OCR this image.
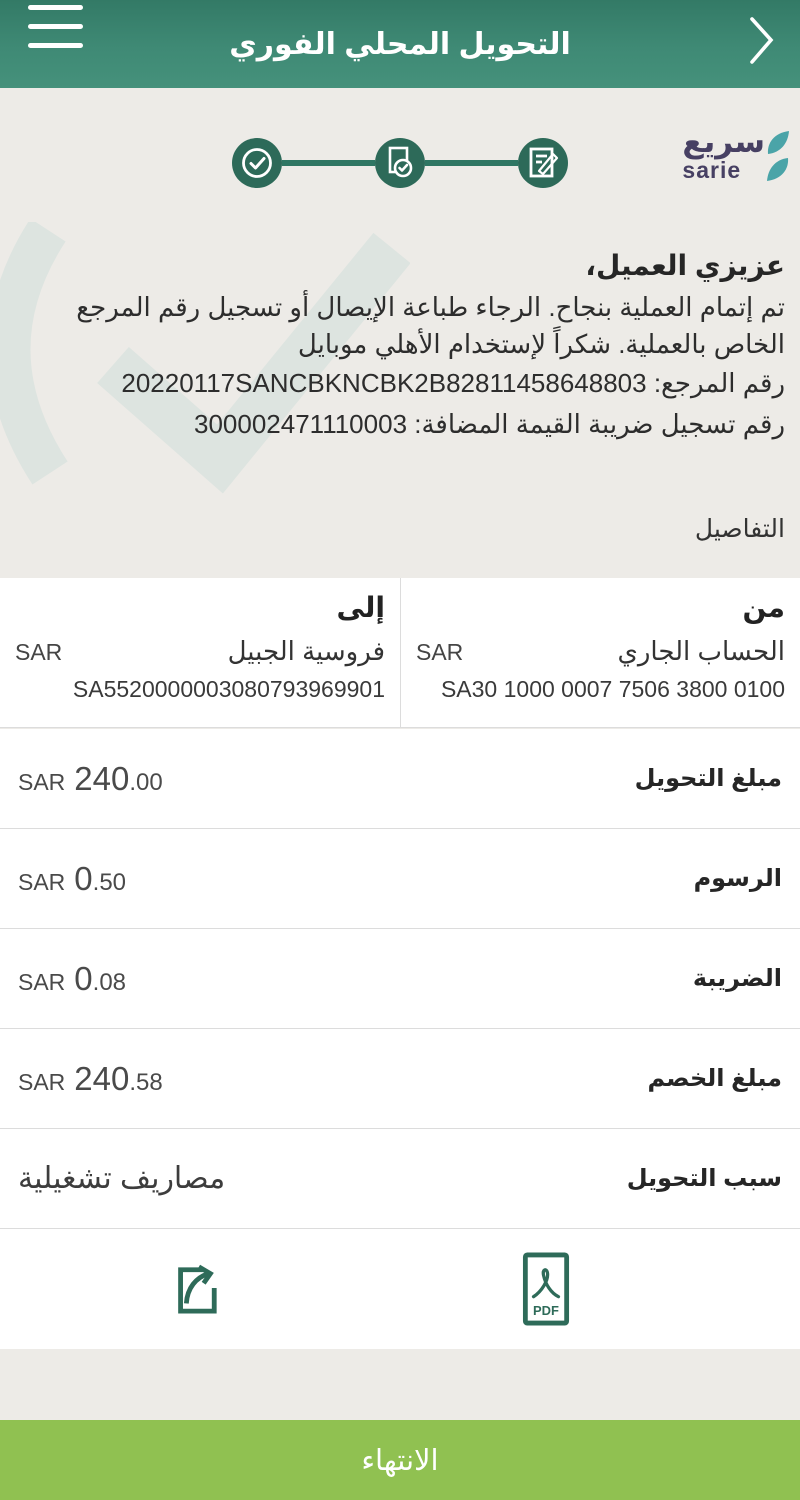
التحويل المحلي الفوري
سريع
sarie
عزيزي العميل،
تم إتمام العملية بنجاح. الرجاء طباعة الإيصال أو تسجيل رقم المرجع الخاص بالعملية. شكراً لإستخدام الأهلي موبايل
رقم المرجع: 20220117SANCBKNCBK2B82811458648803
رقم تسجيل ضريبة القيمة المضافة: 300002471110003
التفاصيل
من
الحساب الجاري
SAR
SA30 1000 0007 7506 3800 0100
إلى
فروسية الجبيل
SAR
SA5520000003080793969901
مبلغ التحويل
SAR 240.00
الرسوم
SAR 0.50
الضريبة
SAR 0.08
مبلغ الخصم
SAR 240.58
سبب التحويل
مصاريف تشغيلية
PDF
الانتهاء
